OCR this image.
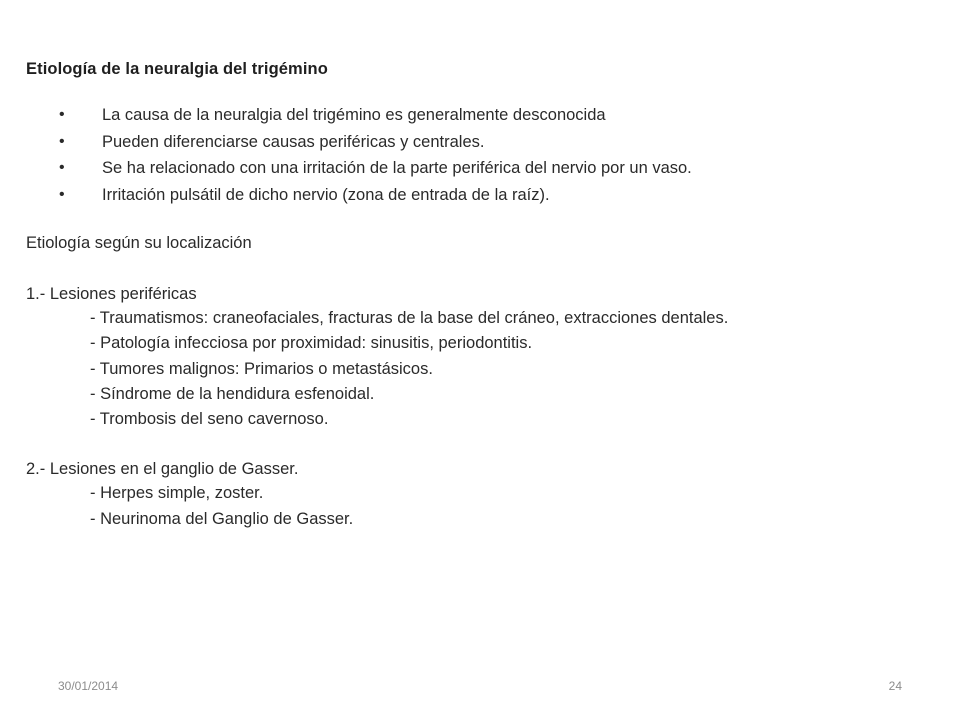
Etiología de la neuralgia del trigémino
• La causa de la neuralgia del trigémino es generalmente desconocida
• Pueden diferenciarse causas periféricas y centrales.
• Se ha relacionado con una irritación de la parte periférica del nervio por un vaso.
• Irritación pulsátil de dicho nervio (zona de entrada de la raíz).
Etiología según su localización
1.- Lesiones periféricas
- Traumatismos: craneofaciales, fracturas de la base del cráneo, extracciones dentales.
- Patología infecciosa por proximidad: sinusitis, periodontitis.
- Tumores malignos: Primarios o metastásicos.
- Síndrome de la hendidura esfenoidal.
- Trombosis del seno cavernoso.
2.- Lesiones en el ganglio de Gasser.
- Herpes simple, zoster.
- Neurinoma del Ganglio de Gasser.
30/01/2014	24
